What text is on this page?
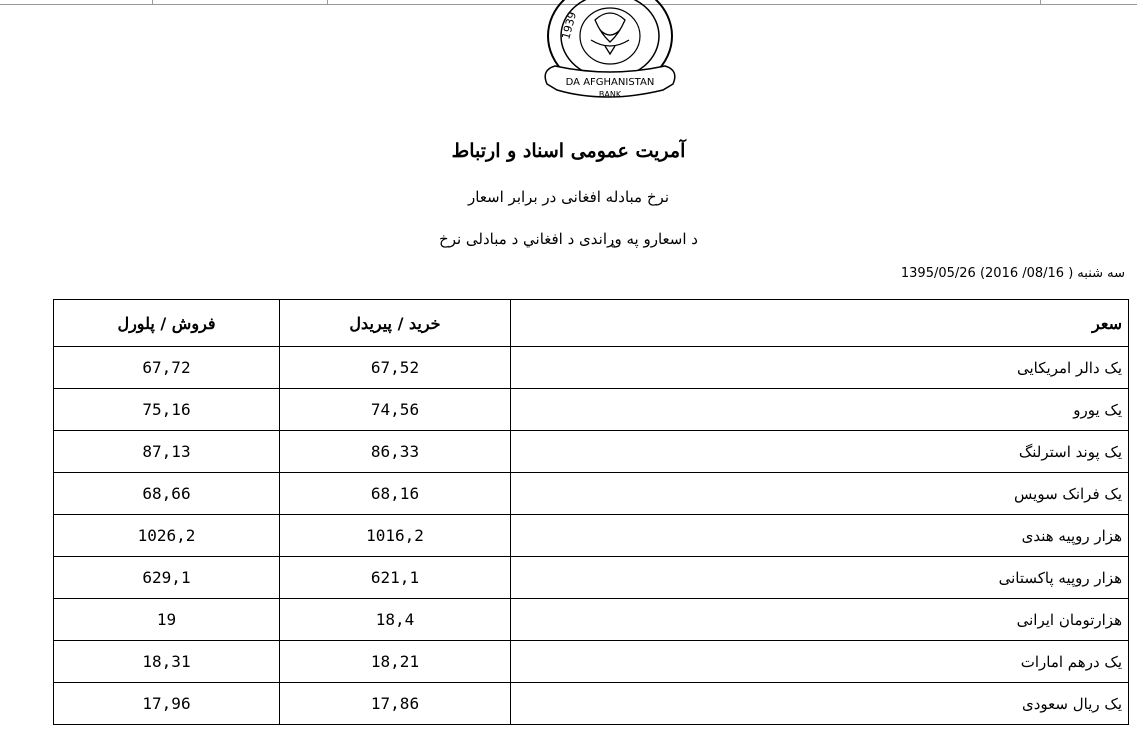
1939
DA AFGHANISTAN
BANK
آمریت عمومی اسناد و ارتباط
نرخ مبادله افغانی در برابر اسعار
د اسعارو په وړاندی د افغاني د مبادلی نرخ
سه شنبه1395/05/26 (2016 /08/16 )
فروش / پلورل	خرید / پیریدل	سعر
67,72	67,52	یک دالر امریکایی
75,16	74,56	یک یورو
87,13	86,33	یک پوند استرلنگ
68,66	68,16	یک فرانک سویس
1026,2	1016,2	هزار روپیه هندی
629,1	621,1	هزار روپیه پاکستانی
19	18,4	هزارتومان ایرانی
18,31	18,21	یک درهم امارات
17,96	17,86	یک ریال سعودی
